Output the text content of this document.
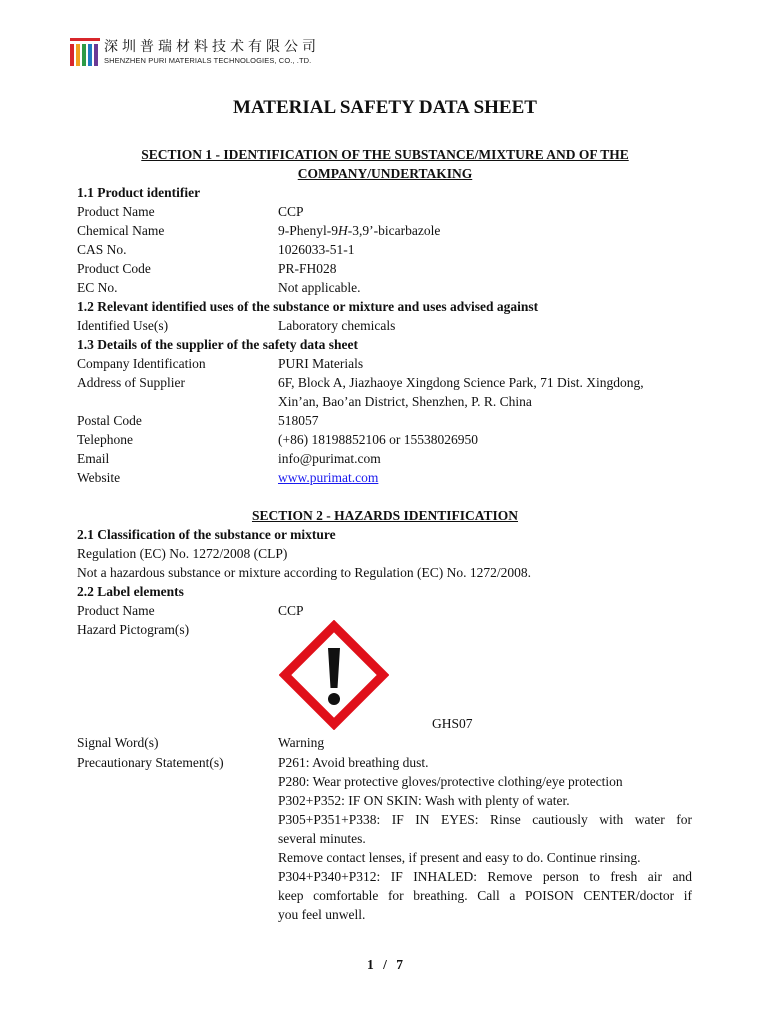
深圳普瑞材料技术有限公司
SHENZHEN PURI MATERIALS TECHNOLOGIES, CO., .TD.
MATERIAL SAFETY DATA SHEET
SECTION 1 - IDENTIFICATION OF THE SUBSTANCE/MIXTURE AND OF THE
COMPANY/UNDERTAKING
1.1 Product identifier
Product Name	CCP
Chemical Name	9-Phenyl-9H-3,9’-bicarbazole
CAS No.	1026033-51-1
Product Code	PR-FH028
EC No.	Not applicable.
1.2 Relevant identified uses of the substance or mixture and uses advised against
Identified Use(s)	Laboratory chemicals
1.3 Details of the supplier of the safety data sheet
Company Identification	PURI Materials
Address of Supplier	6F, Block A, Jiazhaoye Xingdong Science Park, 71 Dist. Xingdong,
Xin’an, Bao’an District, Shenzhen, P. R. China
Postal Code	518057
Telephone	(+86) 18198852106 or 15538026950
Email	info@purimat.com
Website	www.purimat.com
SECTION 2 - HAZARDS IDENTIFICATION
2.1 Classification of the substance or mixture
Regulation (EC) No. 1272/2008 (CLP)
Not a hazardous substance or mixture according to Regulation (EC) No. 1272/2008.
2.2 Label elements
Product Name	CCP
Hazard Pictogram(s)
GHS07
Signal Word(s)	Warning
Precautionary Statement(s)	P261: Avoid breathing dust.
P280: Wear protective gloves/protective clothing/eye protection
P302+P352: IF ON SKIN: Wash with plenty of water.
P305+P351+P338: IF IN EYES: Rinse cautiously with water for
several minutes.
Remove contact lenses, if present and easy to do. Continue rinsing.
P304+P340+P312: IF INHALED: Remove person to fresh air and
keep comfortable for breathing. Call a POISON CENTER/doctor if
you feel unwell.
1 / 7
